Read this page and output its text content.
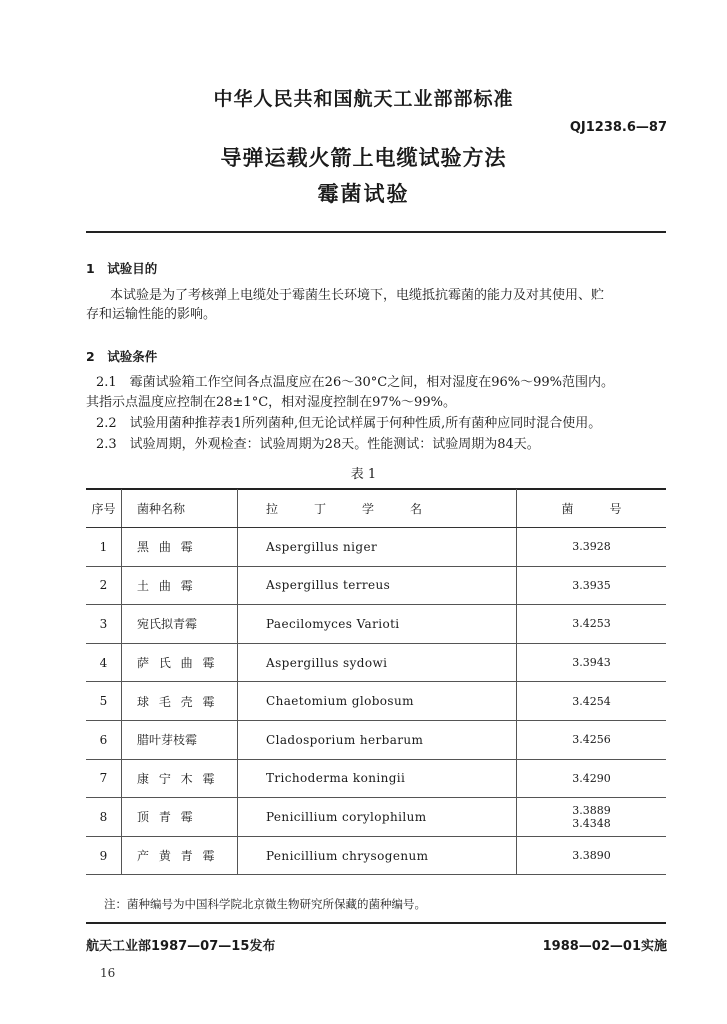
中华人民共和国航天工业部部标准
QJ1238.6—87
导弹运载火箭上电缆试验方法
霉菌试验
1　试验目的
本试验是为了考核弹上电缆处于霉菌生长环境下，电缆抵抗霉菌的能力及对其使用、贮
存和运输性能的影响。
2　试验条件
2.1　霉菌试验箱工作空间各点温度应在26～30°C之间，相对湿度在96%～99%范围内。
其指示点温度应控制在28±1°C，相对湿度控制在97%～99%。
2.2　试验用菌种推荐表1所列菌种,但无论试样属于何种性质,所有菌种应同时混合使用。
2.3　试验周期，外观检查：试验周期为28天。性能测试：试验周期为84天。
表 1
序号	菌种名称	拉　　　丁　　　学　　　名	菌　　　号
1	黑 曲 霉	Aspergillus niger	3.3928
2	土 曲 霉	Aspergillus terreus	3.3935
3	宛氏拟青霉	Paecilomyces Varioti	3.4253
4	萨 氏 曲 霉	Aspergillus sydowi	3.3943
5	球 毛 壳 霉	Chaetomium globosum	3.4254
6	腊叶芽枝霉	Cladosporium herbarum	3.4256
7	康 宁 木 霉	Trichoderma koningii	3.4290
8	顶 青 霉	Penicillium corylophilum	3.3889
3.4348
9	产 黄 青 霉	Penicillium chrysogenum	3.3890
注：菌种编号为中国科学院北京微生物研究所保藏的菌种编号。
航天工业部1987—07—15发布	1988—02—01实施
16
